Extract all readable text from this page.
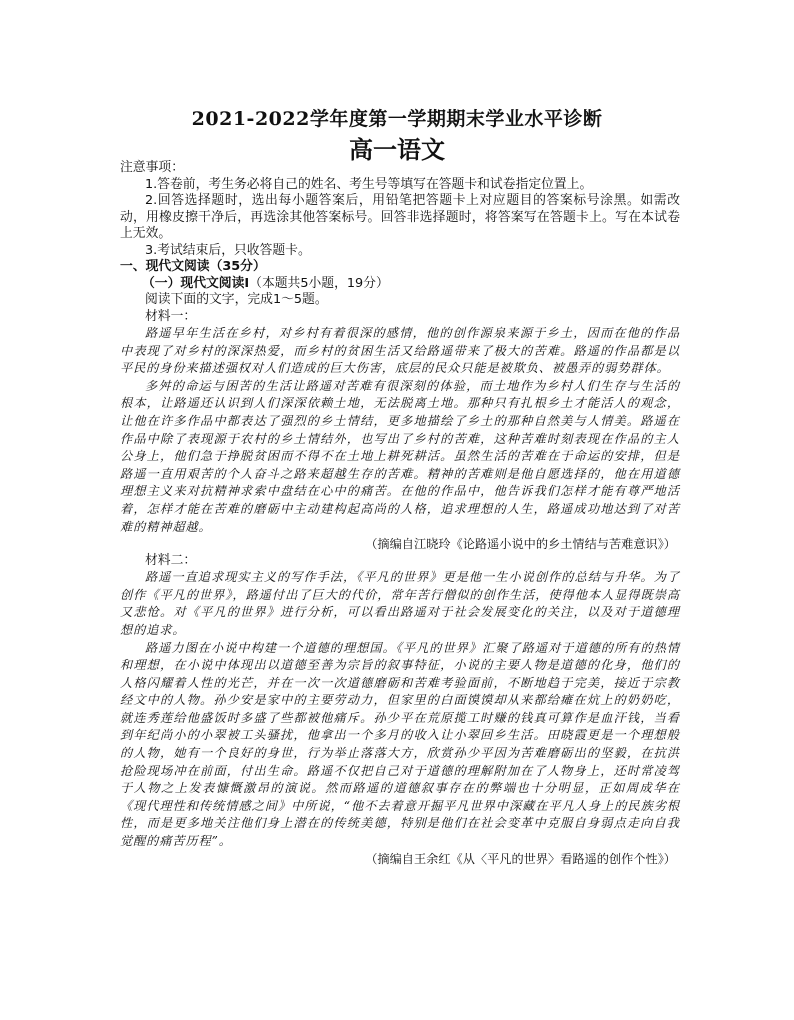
2021-2022学年度第一学期期末学业水平诊断
高一语文

注意事项：

1.答卷前，考生务必将自己的姓名、考生号等填写在答题卡和试卷指定位置上。

2.回答选择题时，选出每小题答案后，用铅笔把答题卡上对应题目的答案标号涂黑。如需改动，用橡皮擦干净后，再选涂其他答案标号。回答非选择题时，将答案写在答题卡上。写在本试卷上无效。

3.考试结束后，只收答题卡。

一、现代文阅读（35分）

（一）现代文阅读Ⅰ（本题共5小题，19分）

阅读下面的文字，完成1～5题。

材料一：

路遥早年生活在乡村，对乡村有着很深的感情，他的创作源泉来源于乡土，因而在他的作品中表现了对乡村的深深热爱，而乡村的贫困生活又给路遥带来了极大的苦难。路遥的作品都是以平民的身份来描述强权对人们造成的巨大伤害，底层的民众只能是被欺负、被愚弄的弱势群体。

多舛的命运与困苦的生活让路遥对苦难有很深刻的体验，而土地作为乡村人们生存与生活的根本，让路遥还认识到人们深深依赖土地，无法脱离土地。那种只有扎根乡土才能活人的观念，让他在许多作品中都表达了强烈的乡土情结，更多地描绘了乡土的那种自然美与人情美。路遥在作品中除了表现源于农村的乡土情结外，也写出了乡村的苦难，这种苦难时刻表现在作品的主人公身上，他们急于挣脱贫困而不得不在土地上耕死耕活。虽然生活的苦难在于命运的安排，但是路遥一直用艰苦的个人奋斗之路来超越生存的苦难。精神的苦难则是他自愿选择的，他在用道德理想主义来对抗精神求索中盘结在心中的痛苦。在他的作品中，他告诉我们怎样才能有尊严地活着，怎样才能在苦难的磨砺中主动建构起高尚的人格，追求理想的人生，路遥成功地达到了对苦难的精神超越。

（摘编自江晓玲《论路遥小说中的乡土情结与苦难意识》）

材料二：

路遥一直追求现实主义的写作手法，《平凡的世界》更是他一生小说创作的总结与升华。为了创作《平凡的世界》，路遥付出了巨大的代价，常年苦行僧似的创作生活，使得他本人显得既崇高又悲怆。对《平凡的世界》进行分析，可以看出路遥对于社会发展变化的关注，以及对于道德理想的追求。

路遥力图在小说中构建一个道德的理想国。《平凡的世界》汇聚了路遥对于道德的所有的热情和理想，在小说中体现出以道德至善为宗旨的叙事特征，小说的主要人物是道德的化身，他们的人格闪耀着人性的光芒，并在一次一次道德磨砺和苦难考验面前，不断地趋于完美，接近于宗教经文中的人物。孙少安是家中的主要劳动力，但家里的白面馍馍却从来都给瘫在炕上的奶奶吃，就连秀莲给他盛饭时多盛了些都被他痛斥。孙少平在荒原揽工时赚的钱真可算作是血汗钱，当看到年纪尚小的小翠被工头骚扰，他拿出一个多月的收入让小翠回乡生活。田晓霞更是一个理想般的人物，她有一个良好的身世，行为举止落落大方，欣赏孙少平因为苦难磨砺出的坚毅，在抗洪抢险现场冲在前面，付出生命。路遥不仅把自己对于道德的理解附加在了人物身上，还时常凌驾于人物之上发表慷慨激昂的演说。然而路遥的道德叙事存在的弊端也十分明显，正如周成华在《现代理性和传统情感之间》中所说，“他不去着意开掘平凡世界中深藏在平凡人身上的民族劣根性，而是更多地关注他们身上潜在的传统美德，特别是他们在社会变革中克服自身弱点走向自我觉醒的痛苦历程”。

（摘编自王余红《从〈平凡的世界〉看路遥的创作个性》）
